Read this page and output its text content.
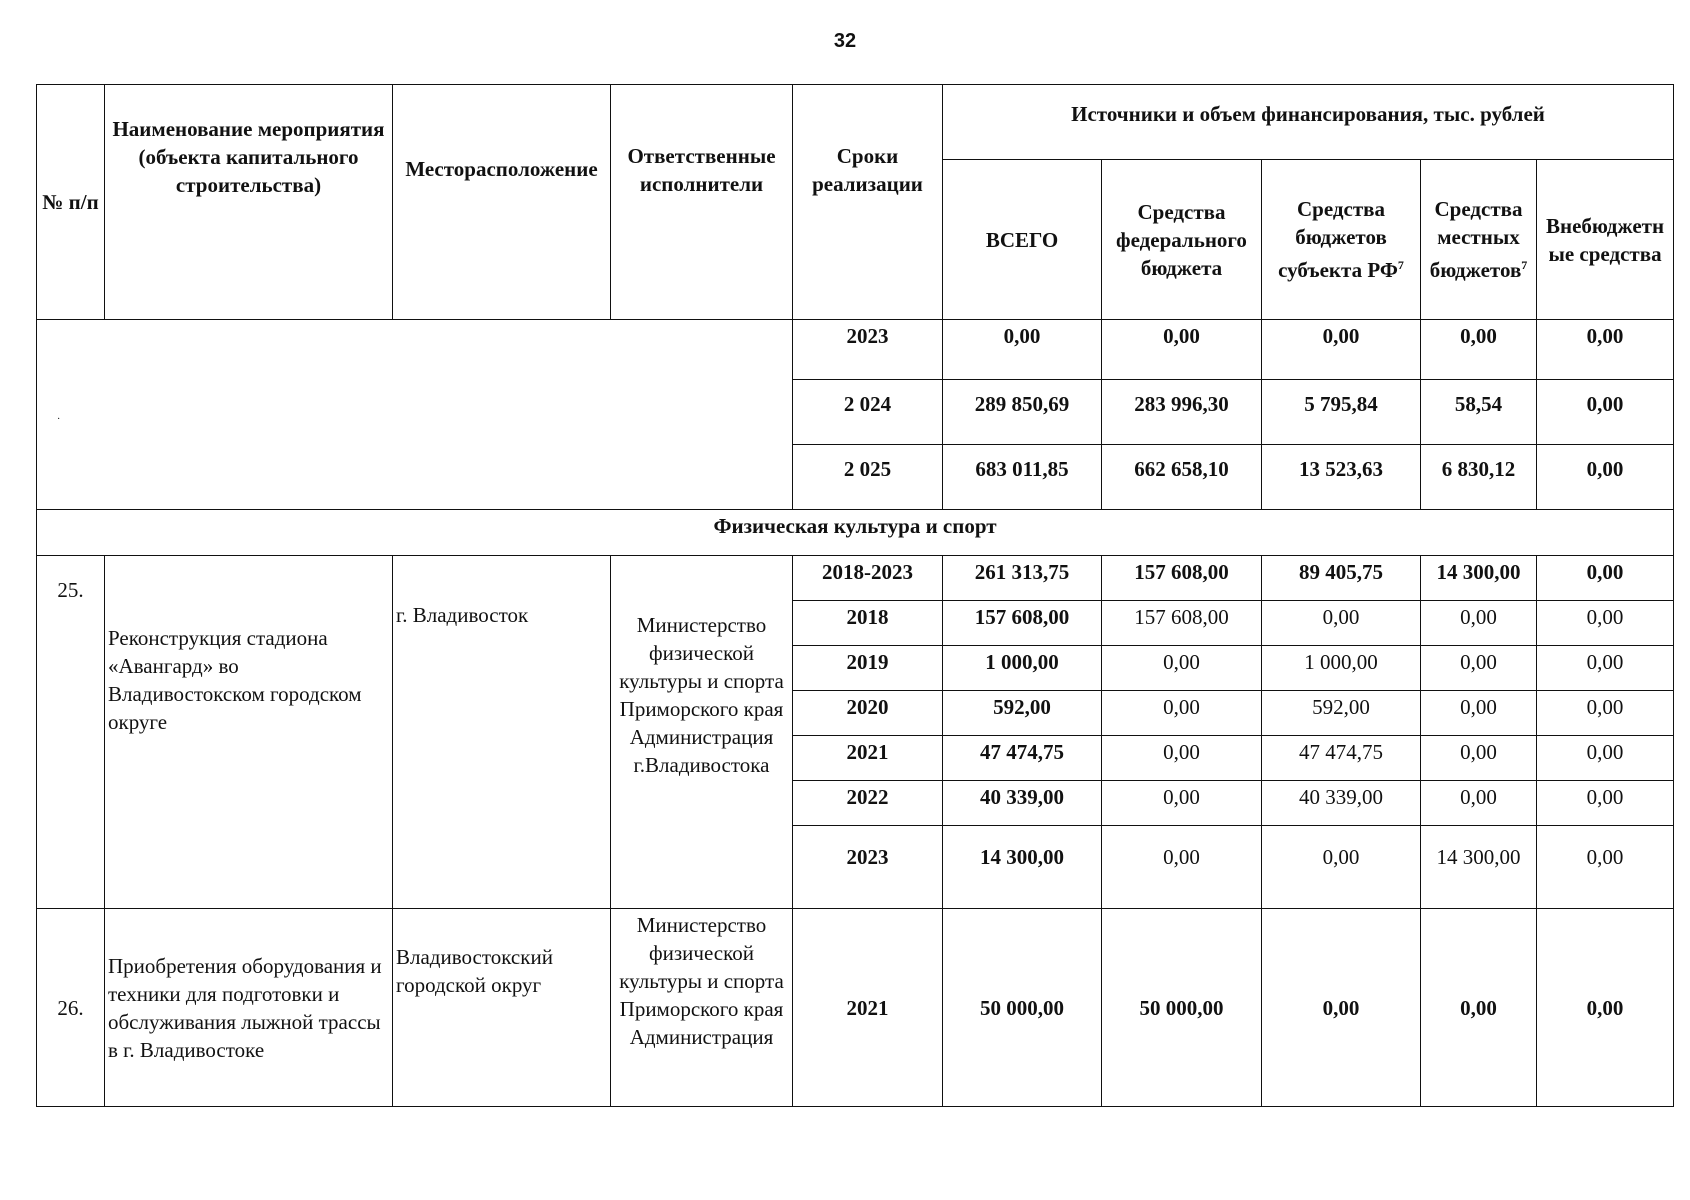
32
·
№ п/п	Наименование мероприятия (объекта капитального строительства)	Месторасположение	Ответственные исполнители	Сроки реализации	Источники и объем финансирования, тыс. рублей				
					ВСЕГО	Средства федерального бюджета	Средства бюджетов субъекта $РФ^7$	Средства местных бюджетов$^7$	Внебюджетн ые средства
				2023	0,00	0,00	0,00	0,00	0,00
				2 024	289 850,69	283 996,30	5 795,84	58,54	0,00
				2 025	683 011,85	662 658,10	13 523,63	6 830,12	0,00
Физическая культура и спорт									
25.	Реконструкция стадиона «Авангард» во Владивостокском городском округе	г. Владивосток	Министерство физической культуры и спорта Приморского края Администрация г.Владивостока	2018-2023	261 313,75	157 608,00	89 405,75	14 300,00	0,00
				2018	157 608,00	157 608,00	0,00	0,00	0,00
				2019	1 000,00	0,00	1 000,00	0,00	0,00
				2020	592,00	0,00	592,00	0,00	0,00
				2021	47 474,75	0,00	47 474,75	0,00	0,00
				2022	40 339,00	0,00	40 339,00	0,00	0,00
				2023	14 300,00	0,00	0,00	14 300,00	0,00
26.	Приобретения оборудования и техники для подготовки и обслуживания лыжной трассы в г. Владивостоке	Владивостокский городской округ	Министерство физической культуры и спорта Приморского края Администрация	2021	50 000,00	50 000,00	0,00	0,00	0,00
